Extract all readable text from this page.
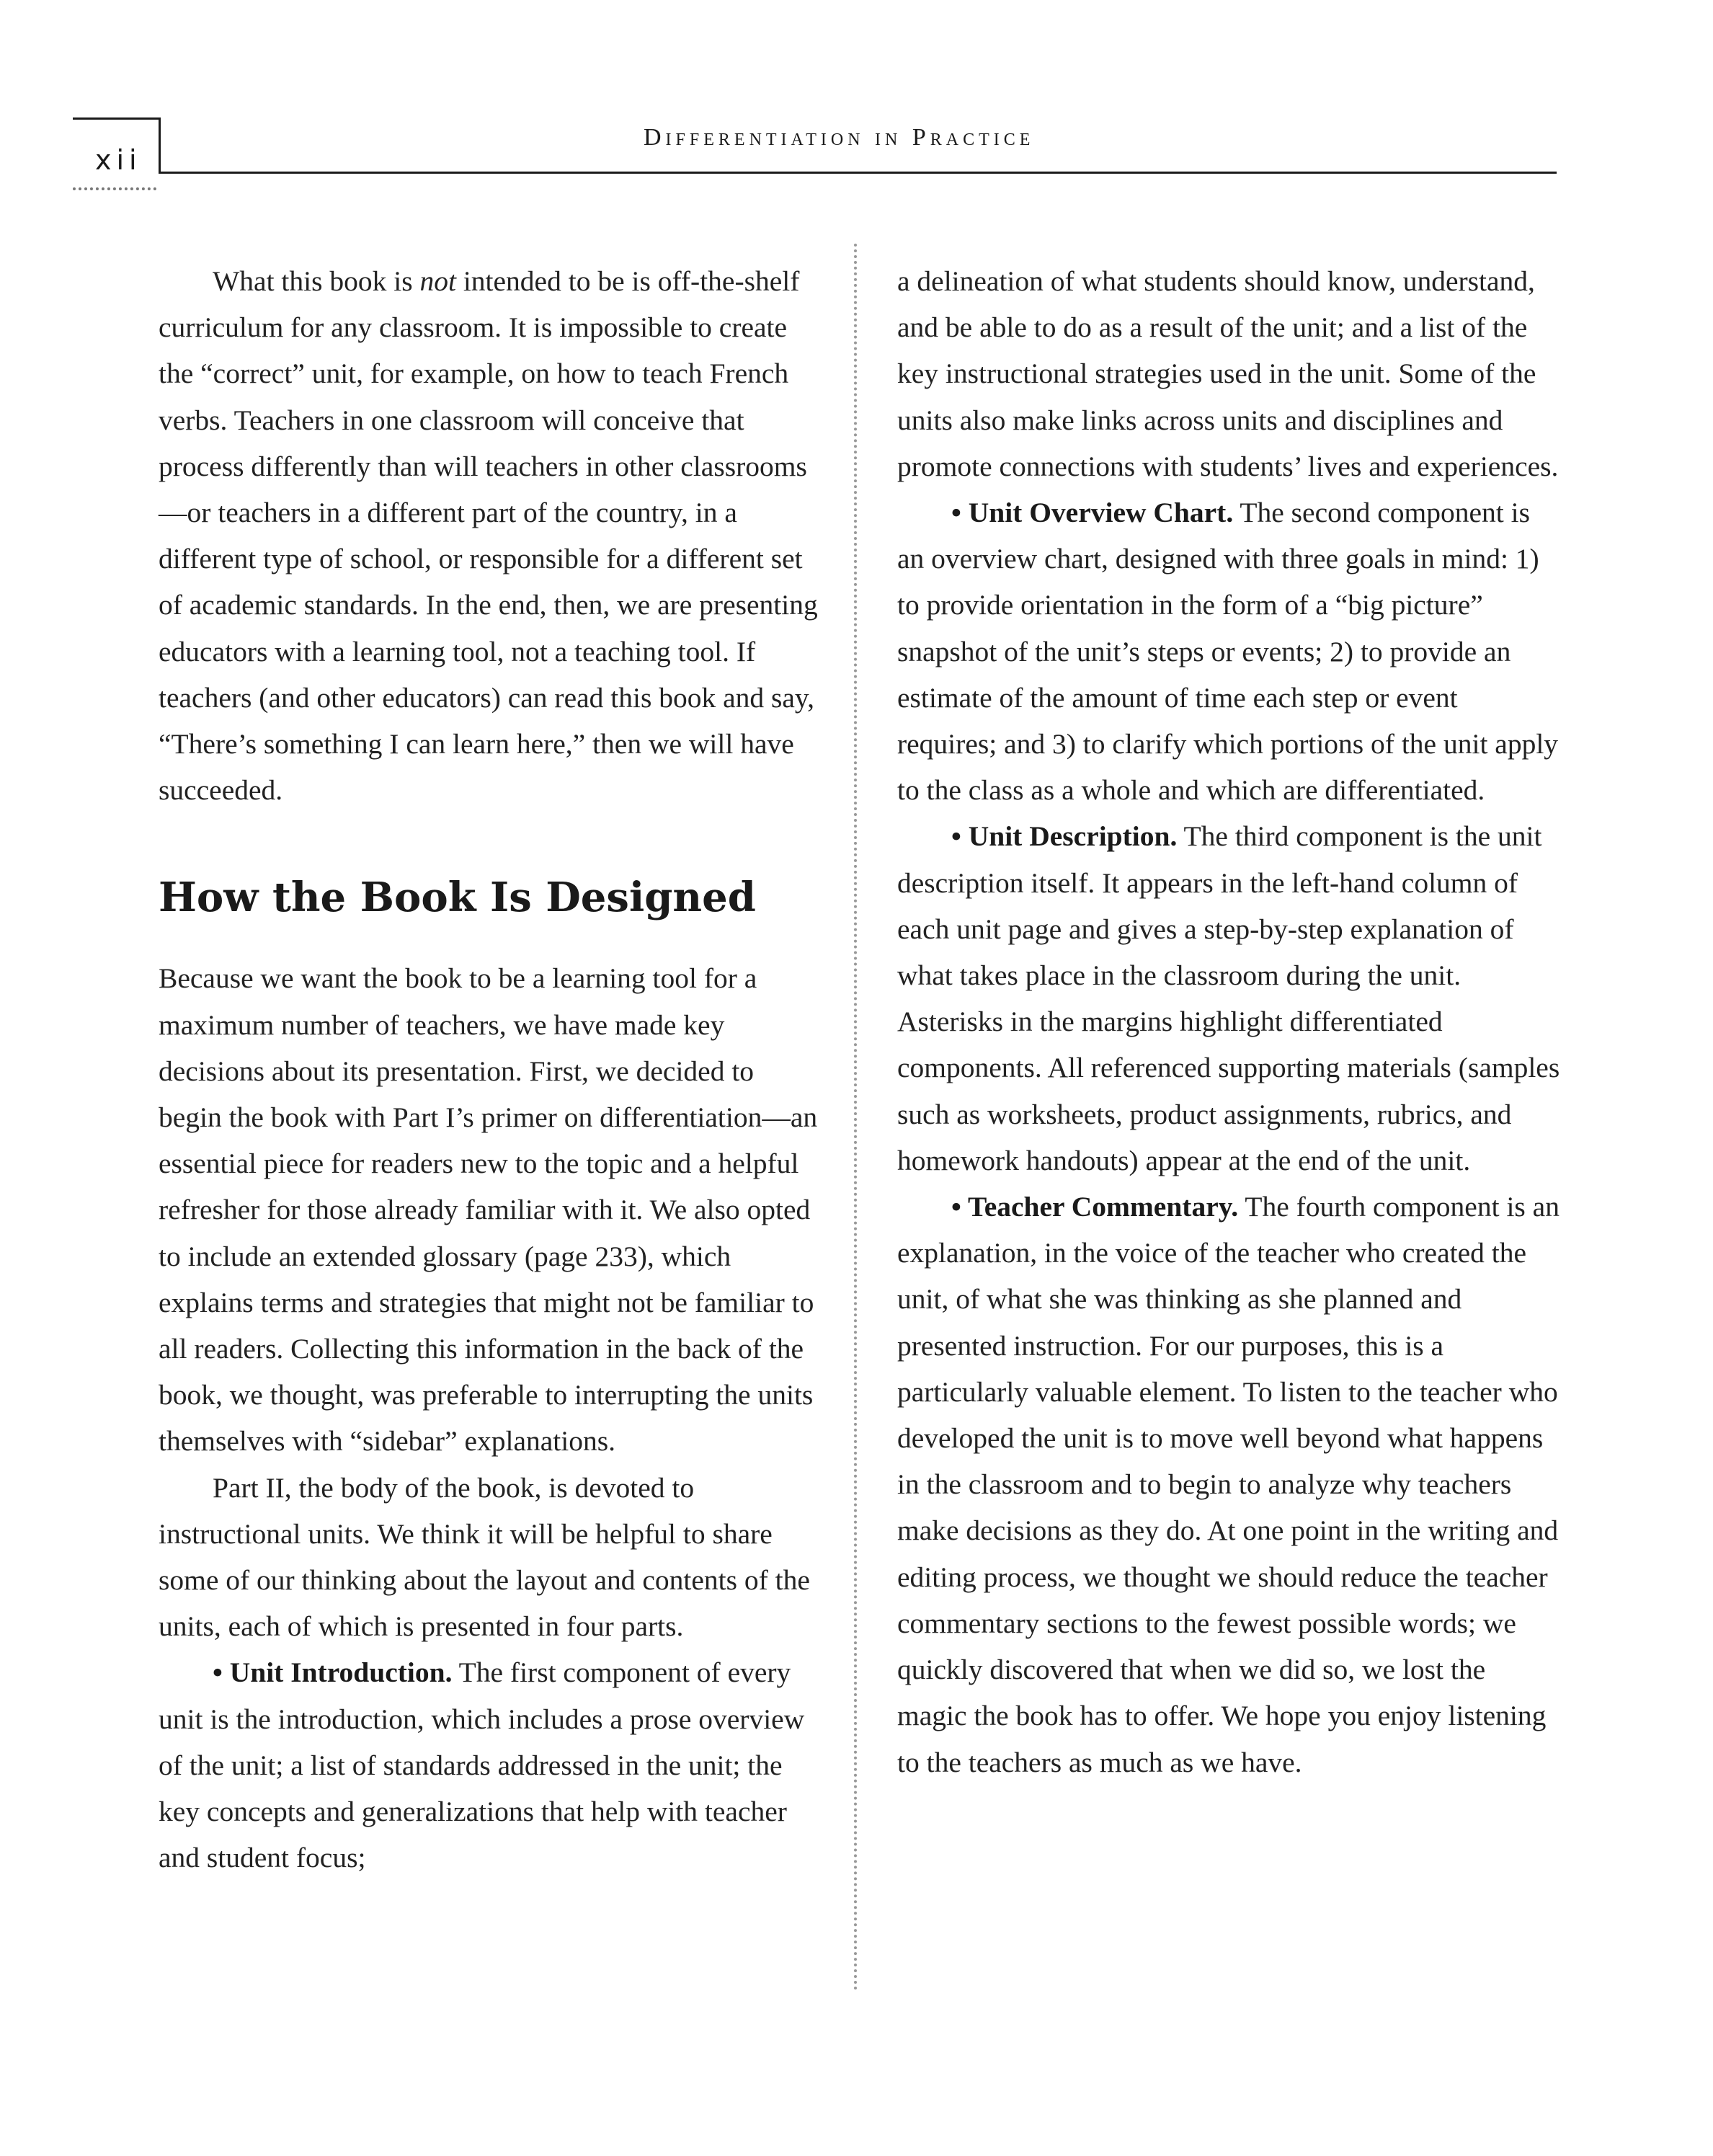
xii
Differentiation in Practice

What this book is not intended to be is off-the-shelf curriculum for any classroom. It is impossible to create the “correct” unit, for example, on how to teach French verbs. Teachers in one classroom will conceive that process differently than will teachers in other classrooms—or teachers in a different part of the country, in a different type of school, or responsible for a different set of academic standards. In the end, then, we are presenting educators with a learning tool, not a teaching tool. If teachers (and other educators) can read this book and say, “There’s something I can learn here,” then we will have succeeded.

How the Book Is Designed

Because we want the book to be a learning tool for a maximum number of teachers, we have made key decisions about its presentation. First, we decided to begin the book with Part I’s primer on differentiation—an essential piece for readers new to the topic and a helpful refresher for those already familiar with it. We also opted to include an extended glossary (page 233), which explains terms and strategies that might not be familiar to all readers. Collecting this information in the back of the book, we thought, was preferable to interrupting the units themselves with “sidebar” explanations.

Part II, the body of the book, is devoted to instructional units. We think it will be helpful to share some of our thinking about the layout and contents of the units, each of which is presented in four parts.

• Unit Introduction. The first component of every unit is the introduction, which includes a prose overview of the unit; a list of standards addressed in the unit; the key concepts and generalizations that help with teacher and student focus;

a delineation of what students should know, understand, and be able to do as a result of the unit; and a list of the key instructional strategies used in the unit. Some of the units also make links across units and disciplines and promote connections with students’ lives and experiences.

• Unit Overview Chart. The second component is an overview chart, designed with three goals in mind: 1) to provide orientation in the form of a “big picture” snapshot of the unit’s steps or events; 2) to provide an estimate of the amount of time each step or event requires; and 3) to clarify which portions of the unit apply to the class as a whole and which are differentiated.

• Unit Description. The third component is the unit description itself. It appears in the left-hand column of each unit page and gives a step-by-step explanation of what takes place in the classroom during the unit. Asterisks in the margins highlight differentiated components. All referenced supporting materials (samples such as worksheets, product assignments, rubrics, and homework handouts) appear at the end of the unit.

• Teacher Commentary. The fourth component is an explanation, in the voice of the teacher who created the unit, of what she was thinking as she planned and presented instruction. For our purposes, this is a particularly valuable element. To listen to the teacher who developed the unit is to move well beyond what happens in the classroom and to begin to analyze why teachers make decisions as they do. At one point in the writing and editing process, we thought we should reduce the teacher commentary sections to the fewest possible words; we quickly discovered that when we did so, we lost the magic the book has to offer. We hope you enjoy listening to the teachers as much as we have.
